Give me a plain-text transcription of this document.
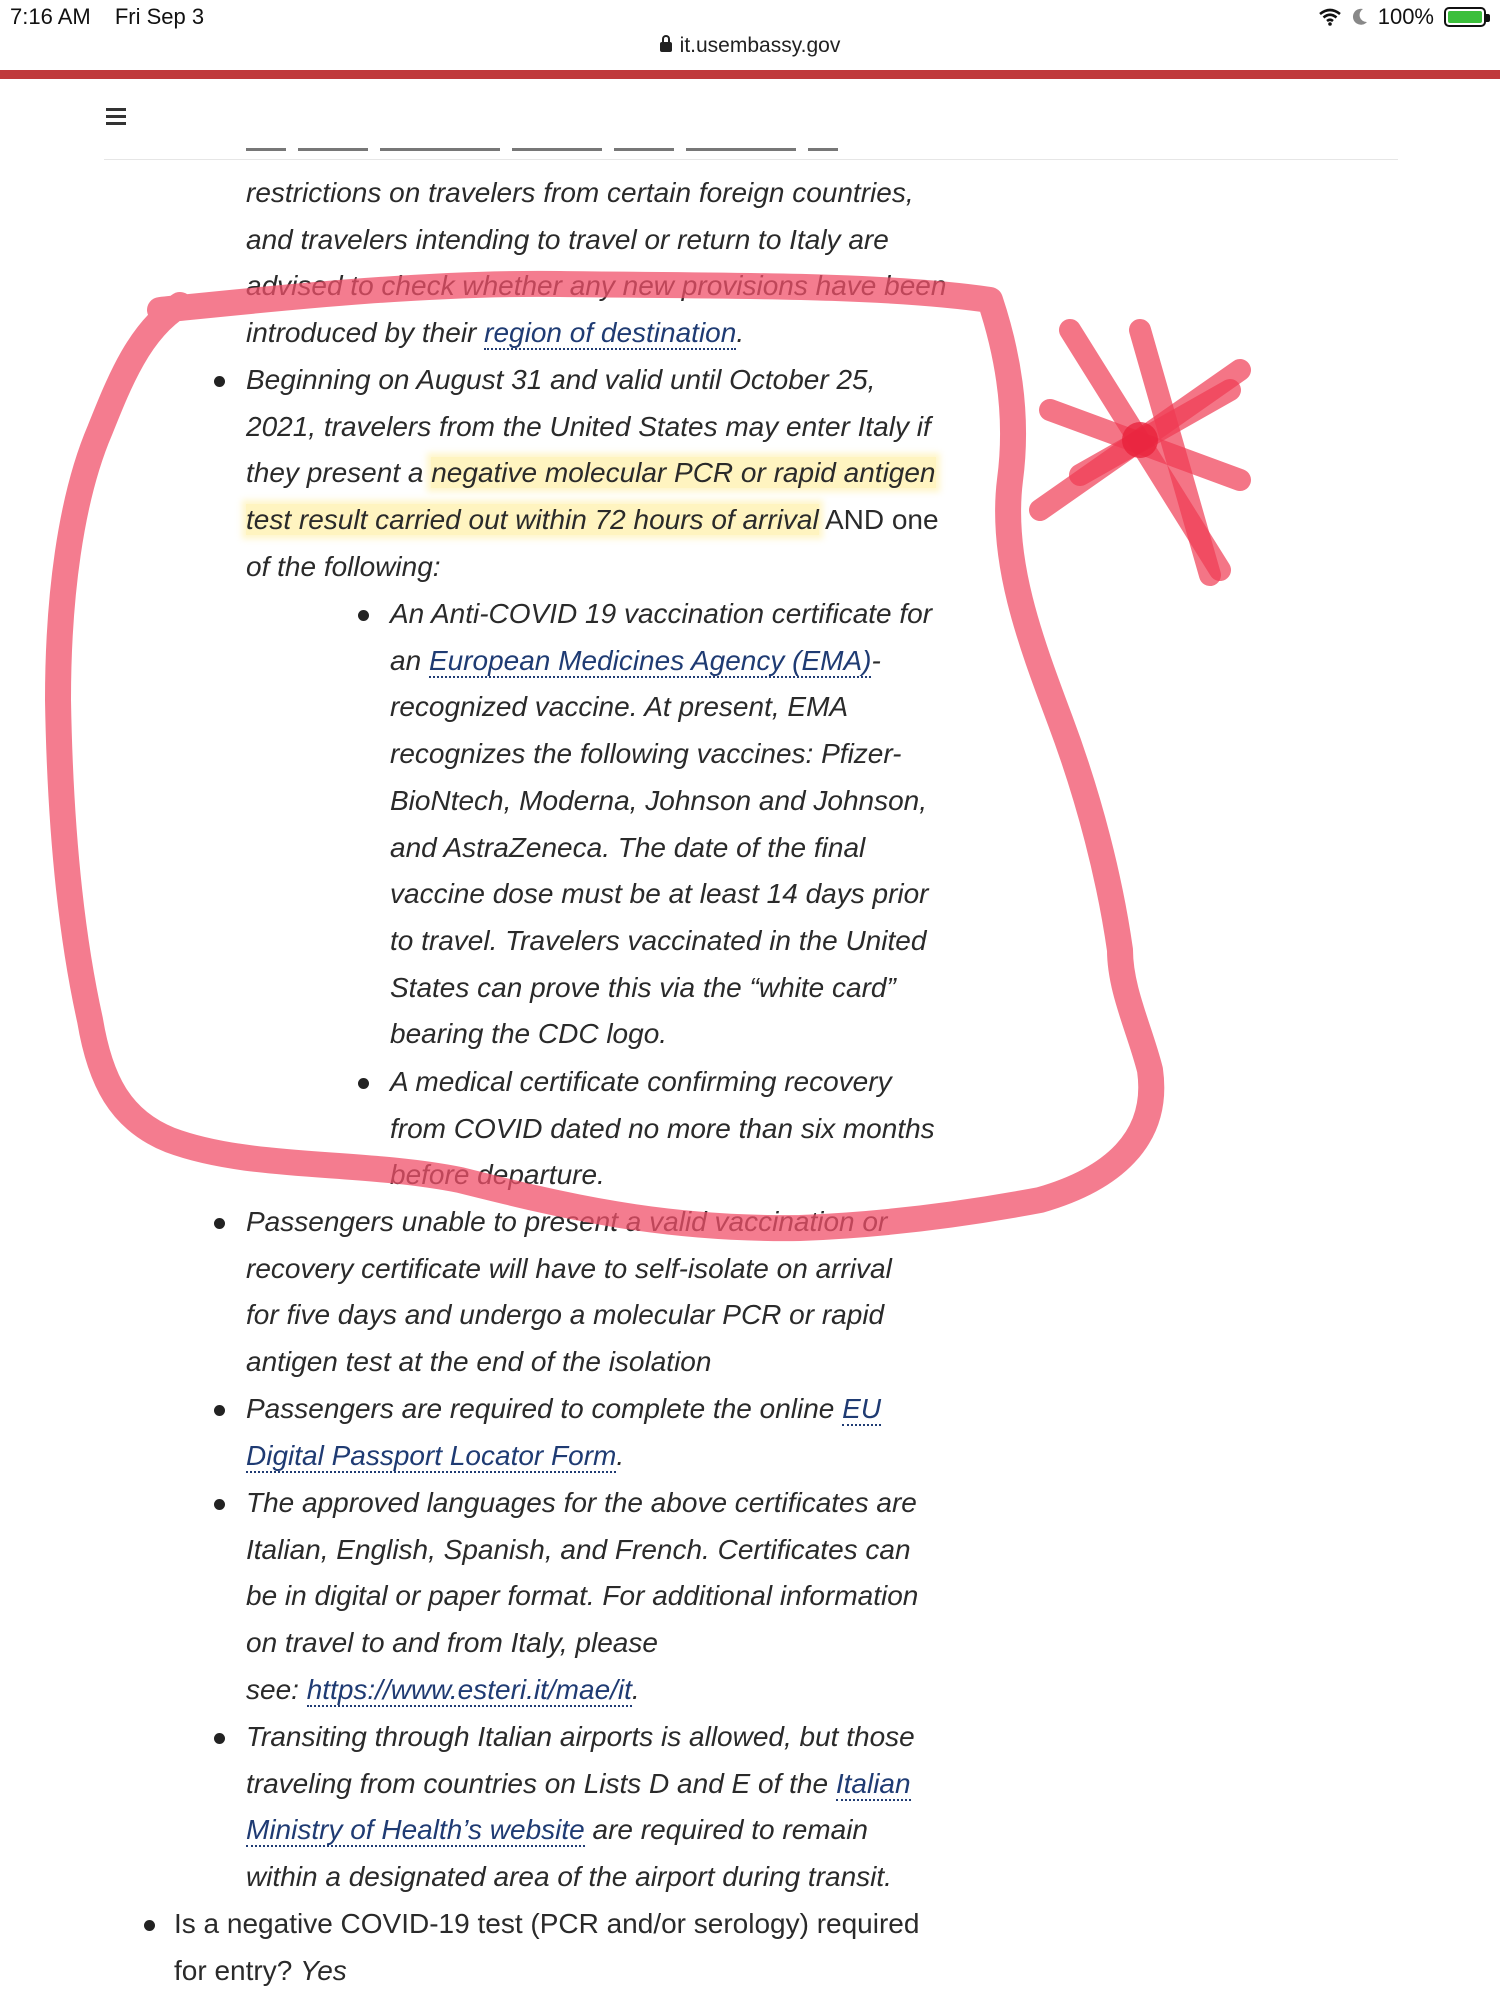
7:16 AM Fri Sep 3	100%
it.usembassy.gov
restrictions on travelers from certain foreign countries,
and travelers intending to travel or return to Italy are
advised to check whether any new provisions have been
introduced by their region of destination.
Beginning on August 31 and valid until October 25,
2021, travelers from the United States may enter Italy if
they present a negative molecular PCR or rapid antigen
test result carried out within 72 hours of arrival AND one
of the following:
An Anti-COVID 19 vaccination certificate for
an European Medicines Agency (EMA)-
recognized vaccine. At present, EMA
recognizes the following vaccines: Pfizer-
BioNtech, Moderna, Johnson and Johnson,
and AstraZeneca. The date of the final
vaccine dose must be at least 14 days prior
to travel. Travelers vaccinated in the United
States can prove this via the “white card”
bearing the CDC logo.
A medical certificate confirming recovery
from COVID dated no more than six months
before departure.
Passengers unable to present a valid vaccination or
recovery certificate will have to self-isolate on arrival
for five days and undergo a molecular PCR or rapid
antigen test at the end of the isolation
Passengers are required to complete the online EU
Digital Passport Locator Form.
The approved languages for the above certificates are
Italian, English, Spanish, and French. Certificates can
be in digital or paper format. For additional information
on travel to and from Italy, please
see: https://www.esteri.it/mae/it.
Transiting through Italian airports is allowed, but those
traveling from countries on Lists D and E of the Italian
Ministry of Health’s website are required to remain
within a designated area of the airport during transit.
Is a negative COVID-19 test (PCR and/or serology) required
for entry? Yes
